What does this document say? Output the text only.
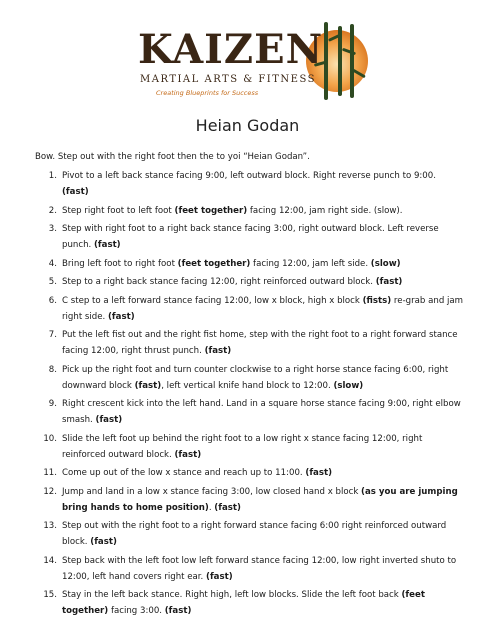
KAIZEN
MARTIAL ARTS & FITNESS
Creating Blueprints for Success
Heian Godan

Bow. Step out with the right foot then the to yoi “Heian Godan”.

1. Pivot to a left back stance facing 9:00, left outward block. Right reverse punch to 9:00. (fast)
2. Step right foot to left foot (feet together) facing 12:00, jam right side. (slow).
3. Step with right foot to a right back stance facing 3:00, right outward block. Left reverse punch. (fast)
4. Bring left foot to right foot (feet together) facing 12:00, jam left side. (slow)
5. Step to a right back stance facing 12:00, right reinforced outward block. (fast)
6. C step to a left forward stance facing 12:00, low x block, high x block (fists) re-grab and jam right side. (fast)
7. Put the left fist out and the right fist home, step with the right foot to a right forward stance facing 12:00, right thrust punch. (fast)
8. Pick up the right foot and turn counter clockwise to a right horse stance facing 6:00, right downward block (fast), left vertical knife hand block to 12:00. (slow)
9. Right crescent kick into the left hand. Land in a square horse stance facing 9:00, right elbow smash. (fast)
10. Slide the left foot up behind the right foot to a low right x stance facing 12:00, right reinforced outward block. (fast)
11. Come up out of the low x stance and reach up to 11:00. (fast)
12. Jump and land in a low x stance facing 3:00, low closed hand x block (as you are jumping bring hands to home position). (fast)
13. Step out with the right foot to a right forward stance facing 6:00 right reinforced outward block. (fast)
14. Step back with the left foot low left forward stance facing 12:00, low right inverted shuto to 12:00, left hand covers right ear. (fast)
15. Stay in the left back stance. Right high, left low blocks. Slide the left foot back (feet together) facing 3:00. (fast)
